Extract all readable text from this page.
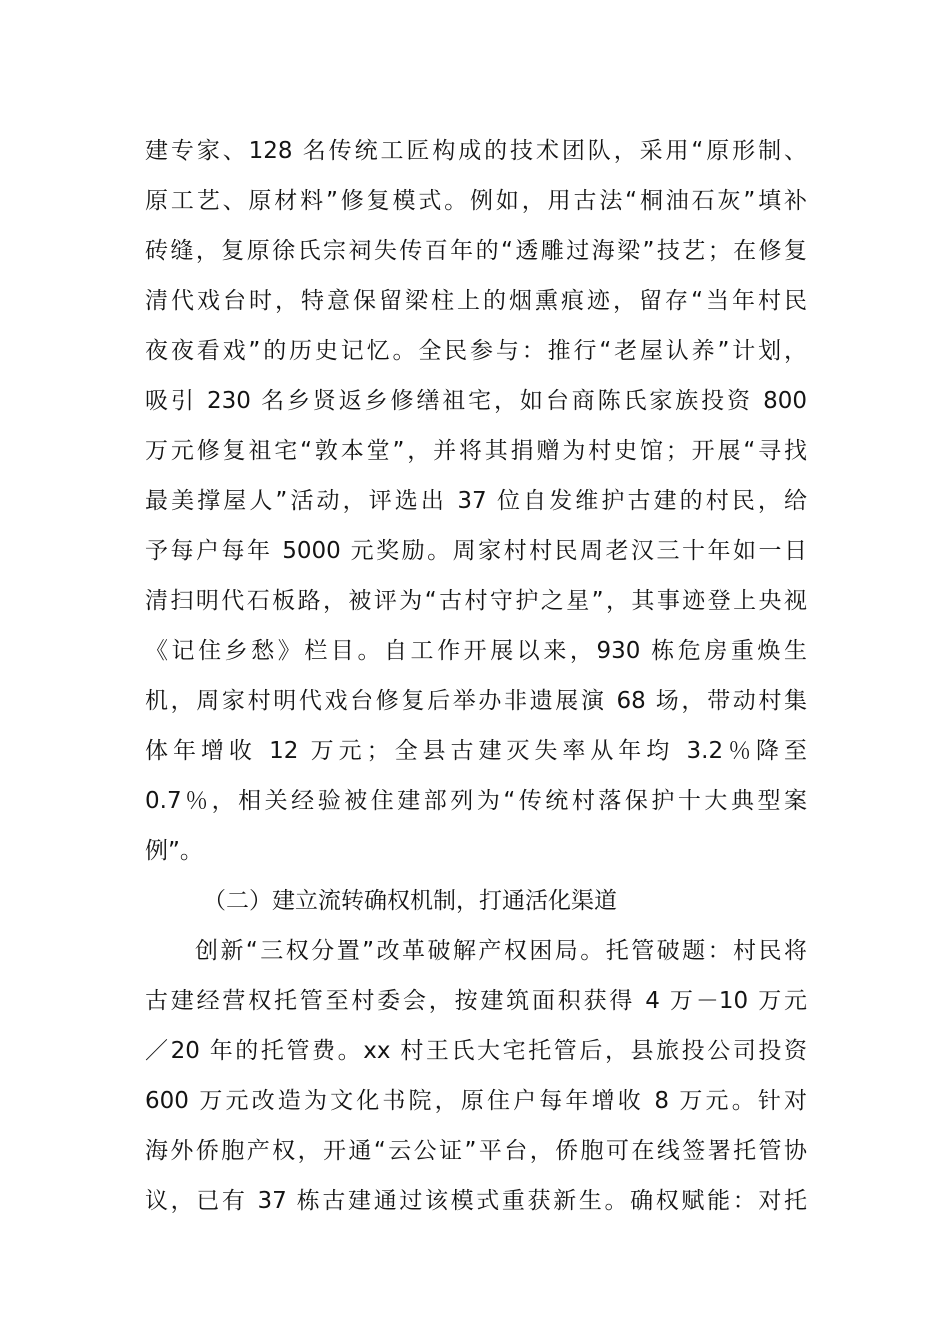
建专家、128 名传统工匠构成的技术团队，采用“原形制、
原工艺、原材料”修复模式。例如，用古法“桐油石灰”填补
砖缝，复原徐氏宗祠失传百年的“透雕过海梁”技艺；在修复
清代戏台时，特意保留梁柱上的烟熏痕迹，留存“当年村民
夜夜看戏”的历史记忆。全民参与：推行“老屋认养”计划，
吸引 230 名乡贤返乡修缮祖宅，如台商陈氏家族投资 800
万元修复祖宅“敦本堂”，并将其捐赠为村史馆；开展“寻找
最美撑屋人”活动，评选出 37 位自发维护古建的村民，给
予每户每年 5000 元奖励。周家村村民周老汉三十年如一日
清扫明代石板路，被评为“古村守护之星”，其事迹登上央视
《记住乡愁》栏目。自工作开展以来，930 栋危房重焕生
机，周家村明代戏台修复后举办非遗展演 68 场，带动村集
体年增收 12 万元；全县古建灭失率从年均 3.2％降至
0.7％，相关经验被住建部列为“传统村落保护十大典型案
例”。
（二）建立流转确权机制，打通活化渠道
创新“三权分置”改革破解产权困局。托管破题：村民将
古建经营权托管至村委会，按建筑面积获得 4 万－10 万元
／20 年的托管费。xx 村王氏大宅托管后，县旅投公司投资
600 万元改造为文化书院，原住户每年增收 8 万元。针对
海外侨胞产权，开通“云公证”平台，侨胞可在线签署托管协
议，已有 37 栋古建通过该模式重获新生。确权赋能：对托
